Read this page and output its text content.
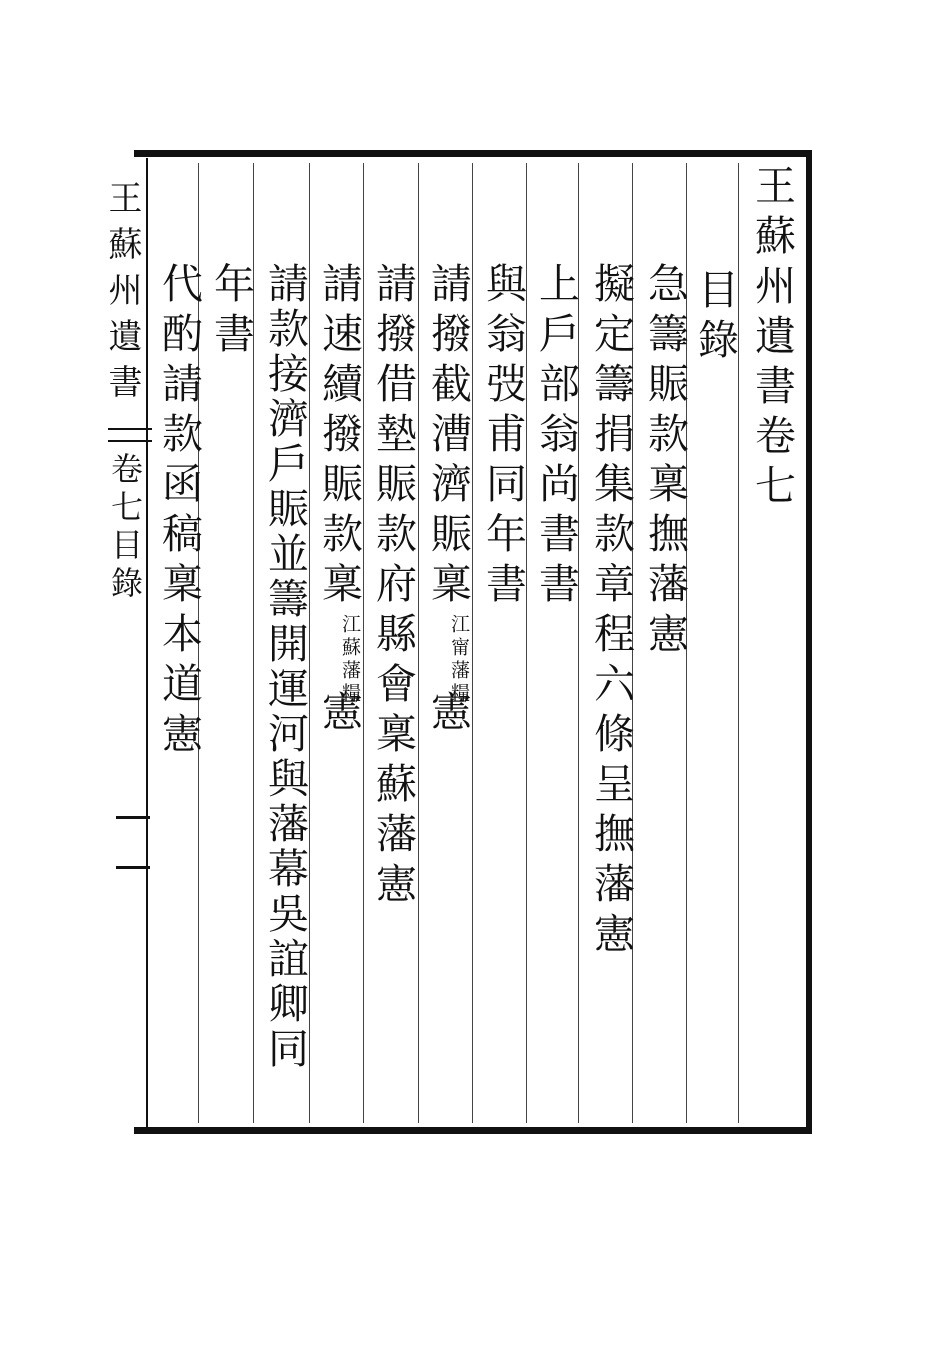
王蘇州遺書
卷七目錄
王蘇州遺書卷七
目錄
急籌賑款稟撫藩憲
擬定籌捐集款章程六條呈撫藩憲
上戶部翁尚書書
與翁弢甫同年書
請撥截漕濟賑稟
江甯藩糧
憲
請撥借墊賑款府縣會稟蘇藩憲
請速續撥賑款稟
江蘇藩糧
憲
請款接濟戶賑並籌開運河與藩幕吳誼卿同
年書
代酌請款函稿稟本道憲
